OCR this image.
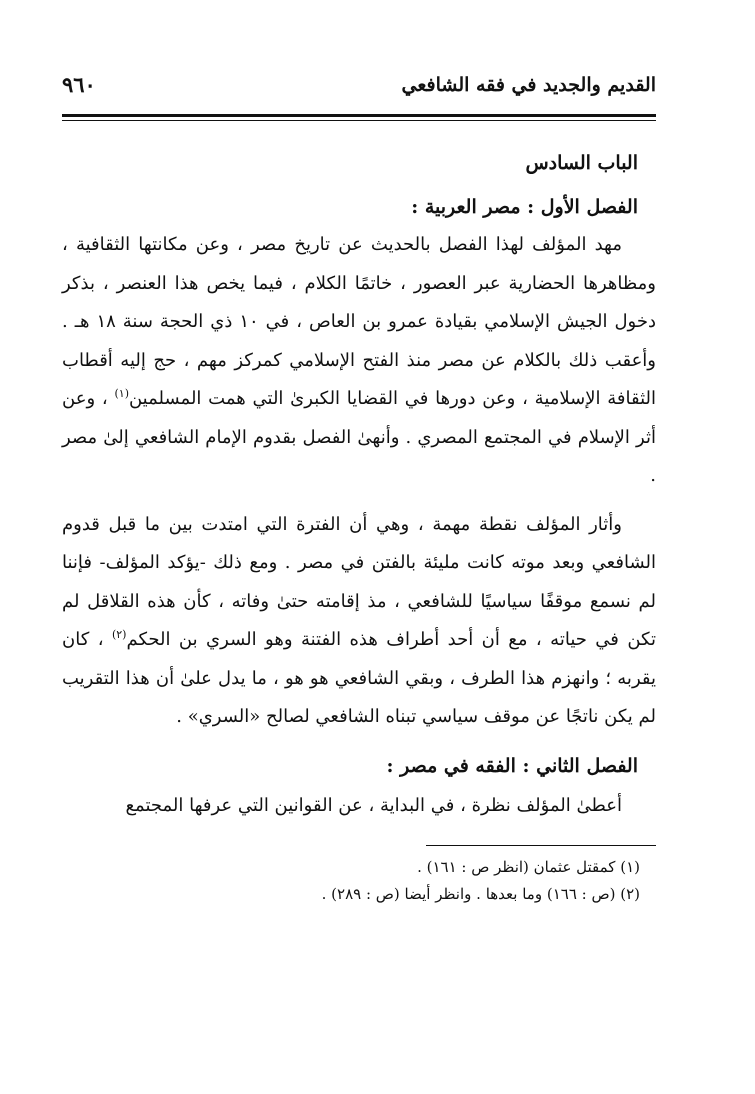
القديم والجديد في فقه الشافعي
٩٦٠

الباب السادس

الفصل الأول : مصر العربية :

مهد المؤلف لهذا الفصل بالحديث عن تاريخ مصر ، وعن مكانتها الثقافية ، ومظاهرها الحضارية عبر العصور ، خاتمًا الكلام ، فيما يخص هذا العنصر ، بذكر دخول الجيش الإسلامي بقيادة عمرو بن العاص ، في ١٠ ذي الحجة سنة ١٨ هـ . وأعقب ذلك بالكلام عن مصر منذ الفتح الإسلامي كمركز مهم ، حج إليه أقطاب الثقافة الإسلامية ، وعن دورها في القضايا الكبرىٰ التي همت المسلمين$^{(١)}$ ، وعن أثر الإسلام في المجتمع المصري . وأنهىٰ الفصل بقدوم الإمام الشافعي إلىٰ مصر .

وأثار المؤلف نقطة مهمة ، وهي أن الفترة التي امتدت بين ما قبل قدوم الشافعي وبعد موته كانت مليئة بالفتن في مصر . ومع ذلك -يؤكد المؤلف- فإننا لم نسمع موقفًا سياسيًا للشافعي ، مذ إقامته حتىٰ وفاته ، كأن هذه القلاقل لم تكن في حياته ، مع أن أحد أطراف هذه الفتنة وهو السري بن الحكم$^{(٢)}$ ، كان يقربه ؛ وانهزم هذا الطرف ، وبقي الشافعي هو هو ، ما يدل علىٰ أن هذا التقريب لم يكن ناتجًا عن موقف سياسي تبناه الشافعي لصالح «السري» .

الفصل الثاني : الفقه في مصر :

أعطىٰ المؤلف نظرة ، في البداية ، عن القوانين التي عرفها المجتمع

(١) كمقتل عثمان (انظر ص : ١٦١) .

(٢) (ص : ١٦٦) وما بعدها . وانظر أيضا (ص : ٢٨٩) .
